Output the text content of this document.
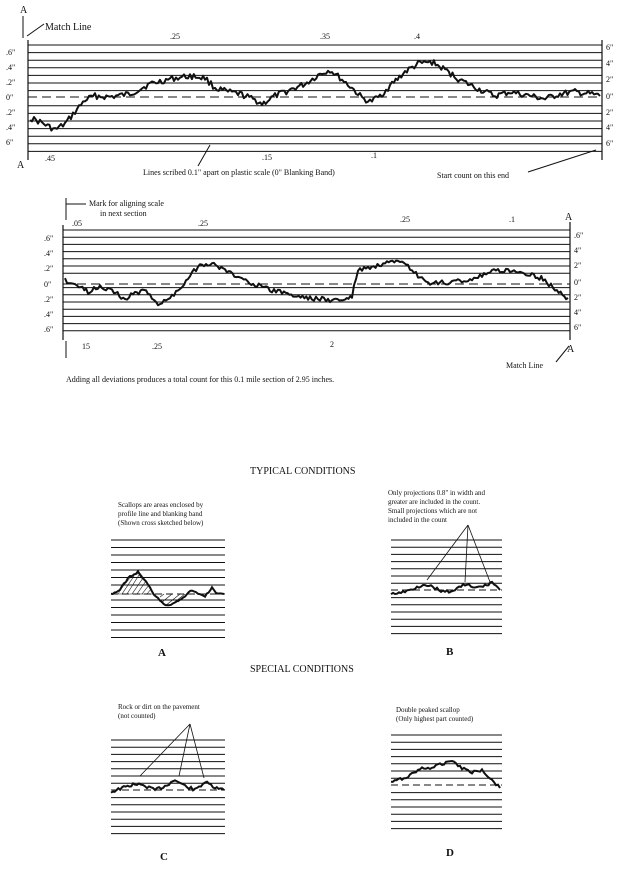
A
Match Line
A
.25	.35	.4
.45	.15	.1
.6"
.4"
.2"
0"
.2"
.4"
6"
6"
4"
2"
0"
2"
4"
6"
Lines scribed 0.1" apart on plastic scale (0" Blanking Band)	Start count on this end
Mark for aligning scale
in next section
.05	.25	.25	.1	A
15	.25	2	A
Match Line
.6"
.4"
.2"
0"
.2"
.4"
.6"
.6"
4"
2"
0"
2"
4"
6"
Adding all deviations produces a total count for this 0.1 mile section of 2.95 inches.
TYPICAL CONDITIONS
Scallops are areas enclosed by
profile line and blanking band
(Shown cross sketched below)
A
Only projections 0.8" in width and
greater are included in the count.
Small projections which are not
included in the count
B
SPECIAL CONDITIONS
Rock or dirt on the pavement
(not counted)
C
Double peaked scallop
(Only highest part counted)
D
